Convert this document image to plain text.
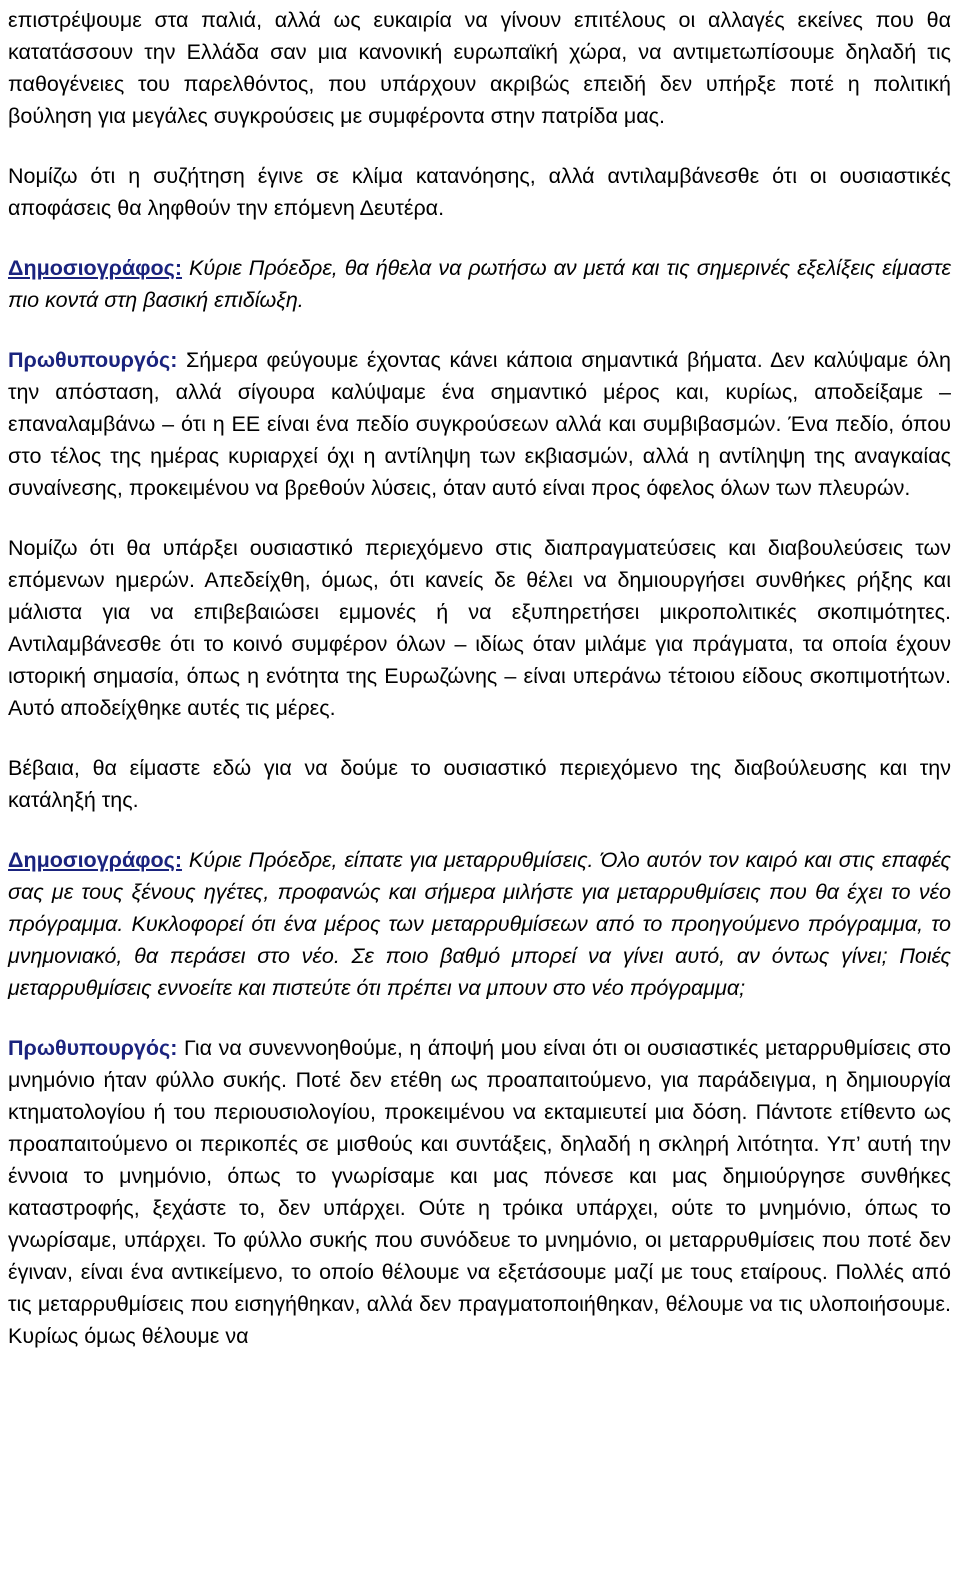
επιστρέψουμε στα παλιά, αλλά ως ευκαιρία να γίνουν επιτέλους οι αλλαγές εκείνες που θα κατατάσσουν την Ελλάδα σαν μια κανονική ευρωπαϊκή χώρα, να αντιμετωπίσουμε δηλαδή τις παθογένειες του παρελθόντος, που υπάρχουν ακριβώς επειδή δεν υπήρξε ποτέ η πολιτική βούληση για μεγάλες συγκρούσεις με συμφέροντα στην πατρίδα μας.

Νομίζω ότι η συζήτηση έγινε σε κλίμα κατανόησης, αλλά αντιλαμβάνεσθε ότι οι ουσιαστικές αποφάσεις θα ληφθούν την επόμενη Δευτέρα.

Δημοσιογράφος: Κύριε Πρόεδρε, θα ήθελα να ρωτήσω αν μετά και τις σημερινές εξελίξεις είμαστε πιο κοντά στη βασική επιδίωξη.

Πρωθυπουργός: Σήμερα φεύγουμε έχοντας κάνει κάποια σημαντικά βήματα. Δεν καλύψαμε όλη την απόσταση, αλλά σίγουρα καλύψαμε ένα σημαντικό μέρος και, κυρίως, αποδείξαμε – επαναλαμβάνω – ότι η ΕΕ είναι ένα πεδίο συγκρούσεων αλλά και συμβιβασμών. Ένα πεδίο, όπου στο τέλος της ημέρας κυριαρχεί όχι η αντίληψη των εκβιασμών, αλλά η αντίληψη της αναγκαίας συναίνεσης, προκειμένου να βρεθούν λύσεις, όταν αυτό είναι προς όφελος όλων των πλευρών.

Νομίζω ότι θα υπάρξει ουσιαστικό περιεχόμενο στις διαπραγματεύσεις και διαβουλεύσεις των επόμενων ημερών. Απεδείχθη, όμως, ότι κανείς δε θέλει να δημιουργήσει συνθήκες ρήξης και μάλιστα για να επιβεβαιώσει εμμονές ή να εξυπηρετήσει μικροπολιτικές σκοπιμότητες. Αντιλαμβάνεσθε ότι το κοινό συμφέρον όλων – ιδίως όταν μιλάμε για πράγματα, τα οποία έχουν ιστορική σημασία, όπως η ενότητα της Ευρωζώνης – είναι υπεράνω τέτοιου είδους σκοπιμοτήτων. Αυτό αποδείχθηκε αυτές τις μέρες.

Βέβαια, θα είμαστε εδώ για να δούμε το ουσιαστικό περιεχόμενο της διαβούλευσης και την κατάληξή της.

Δημοσιογράφος: Κύριε Πρόεδρε, είπατε για μεταρρυθμίσεις. Όλο αυτόν τον καιρό και στις επαφές σας με τους ξένους ηγέτες, προφανώς και σήμερα μιλήστε για μεταρρυθμίσεις που θα έχει το νέο πρόγραμμα. Κυκλοφορεί ότι ένα μέρος των μεταρρυθμίσεων από το προηγούμενο πρόγραμμα, το μνημονιακό, θα περάσει στο νέο. Σε ποιο βαθμό μπορεί να γίνει αυτό, αν όντως γίνει; Ποιές μεταρρυθμίσεις εννοείτε και πιστεύτε ότι πρέπει να μπουν στο νέο πρόγραμμα;

Πρωθυπουργός: Για να συνεννοηθούμε, η άποψή μου είναι ότι οι ουσιαστικές μεταρρυθμίσεις στο μνημόνιο ήταν φύλλο συκής. Ποτέ δεν ετέθη ως προαπαιτούμενο, για παράδειγμα, η δημιουργία κτηματολογίου ή του περιουσιολογίου, προκειμένου να εκταμιευτεί μια δόση. Πάντοτε ετίθεντο ως προαπαιτούμενο οι περικοπές σε μισθούς και συντάξεις, δηλαδή η σκληρή λιτότητα. Υπ’ αυτή την έννοια το μνημόνιο, όπως το γνωρίσαμε και μας πόνεσε και μας δημιούργησε συνθήκες καταστροφής, ξεχάστε το, δεν υπάρχει. Ούτε η τρόικα υπάρχει, ούτε το μνημόνιο, όπως το γνωρίσαμε, υπάρχει. Το φύλλο συκής που συνόδευε το μνημόνιο, οι μεταρρυθμίσεις που ποτέ δεν έγιναν, είναι ένα αντικείμενο, το οποίο θέλουμε να εξετάσουμε μαζί με τους εταίρους. Πολλές από τις μεταρρυθμίσεις που εισηγήθηκαν, αλλά δεν πραγματοποιήθηκαν, θέλουμε να τις υλοποιήσουμε. Κυρίως όμως θέλουμε να
